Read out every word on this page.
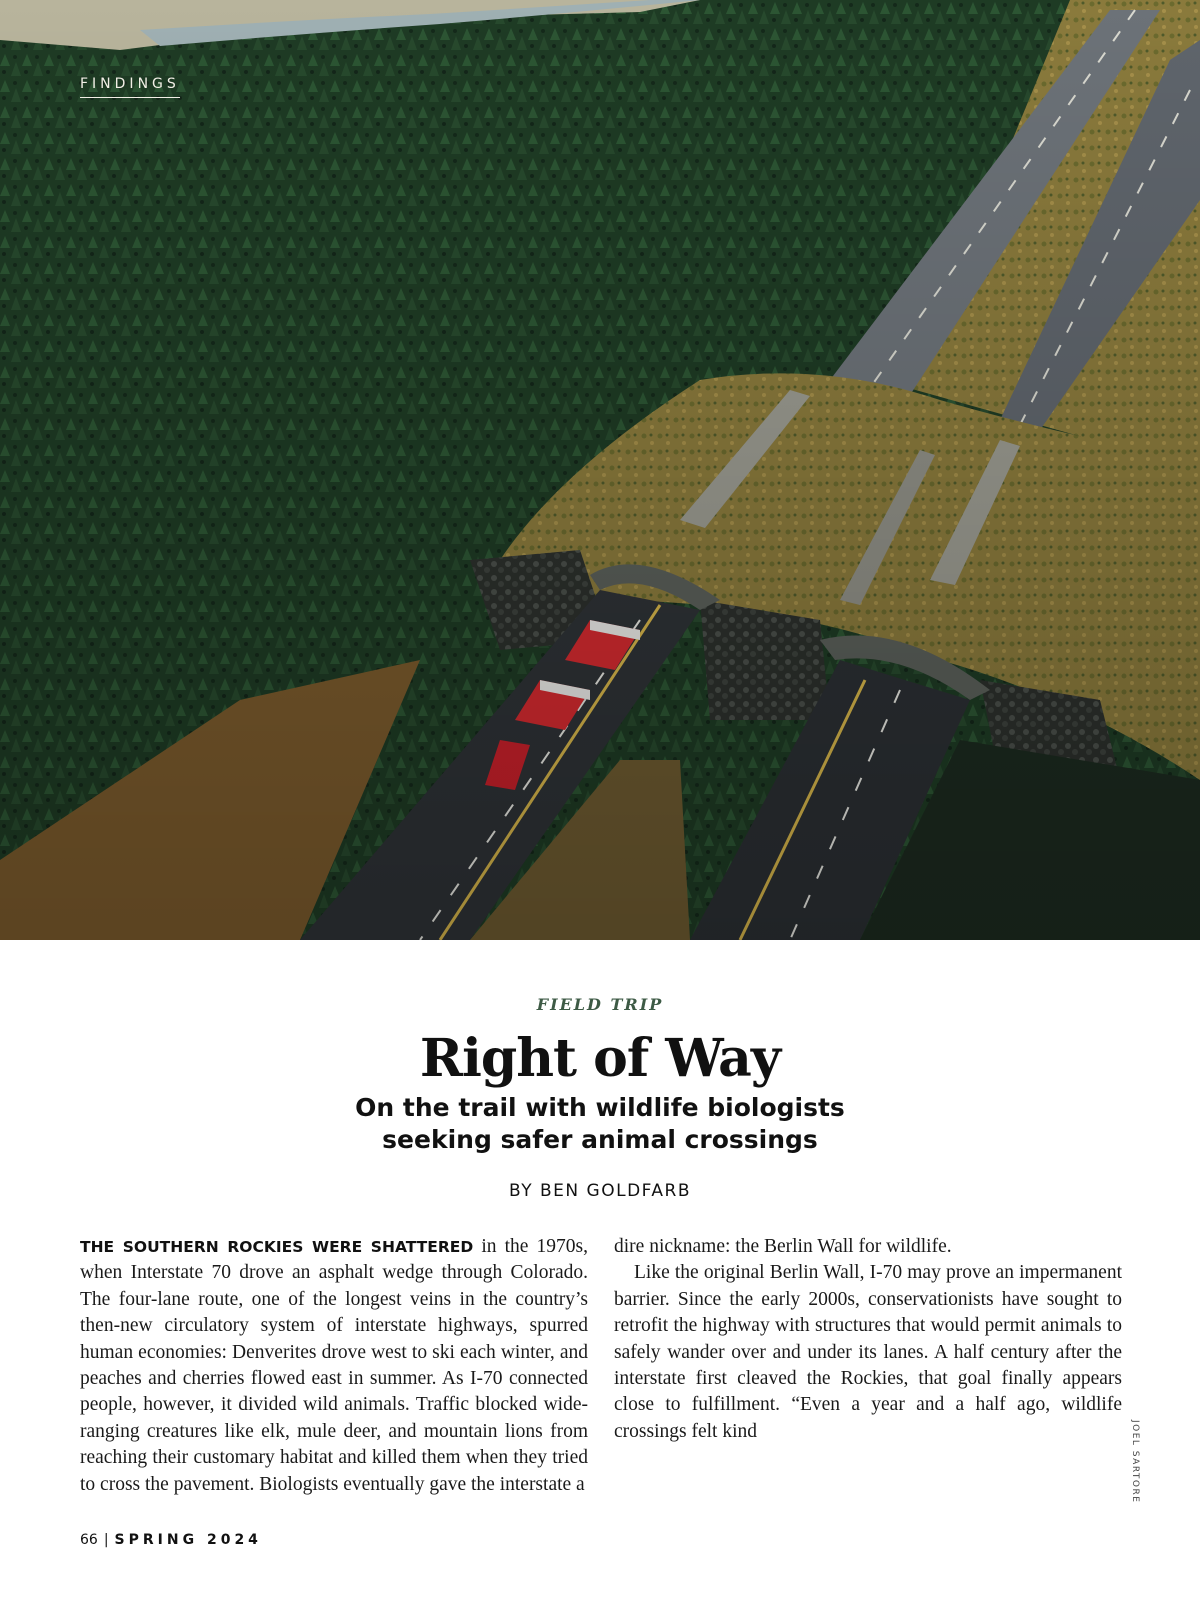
FINDINGS
JOEL SARTORE
FIELD TRIP
Right of Way
On the trail with wildlife biologists
seeking safer animal crossings
BY BEN GOLDFARB

THE SOUTHERN ROCKIES WERE SHATTERED in the 1970s, when Interstate 70 drove an asphalt wedge through Colorado. The four-lane route, one of the longest veins in the country’s then-new circulatory system of interstate highways, spurred human economies: Denverites drove west to ski each winter, and peaches and cherries flowed east in summer. As I-70 connected people, however, it divided wild animals. Traffic blocked wide-ranging creatures like elk, mule deer, and mountain lions from reaching their customary habitat and killed them when they tried to cross the pavement. Biologists eventually gave the interstate a

dire nickname: the Berlin Wall for wildlife.

Like the original Berlin Wall, I-70 may prove an impermanent barrier. Since the early 2000s, conservationists have sought to retrofit the highway with structures that would permit animals to safely wander over and under its lanes. A half century after the interstate first cleaved the Rockies, that goal finally appears close to fulfillment. “Even a year and a half ago, wildlife crossings felt kind

66 | SPRING 2024
